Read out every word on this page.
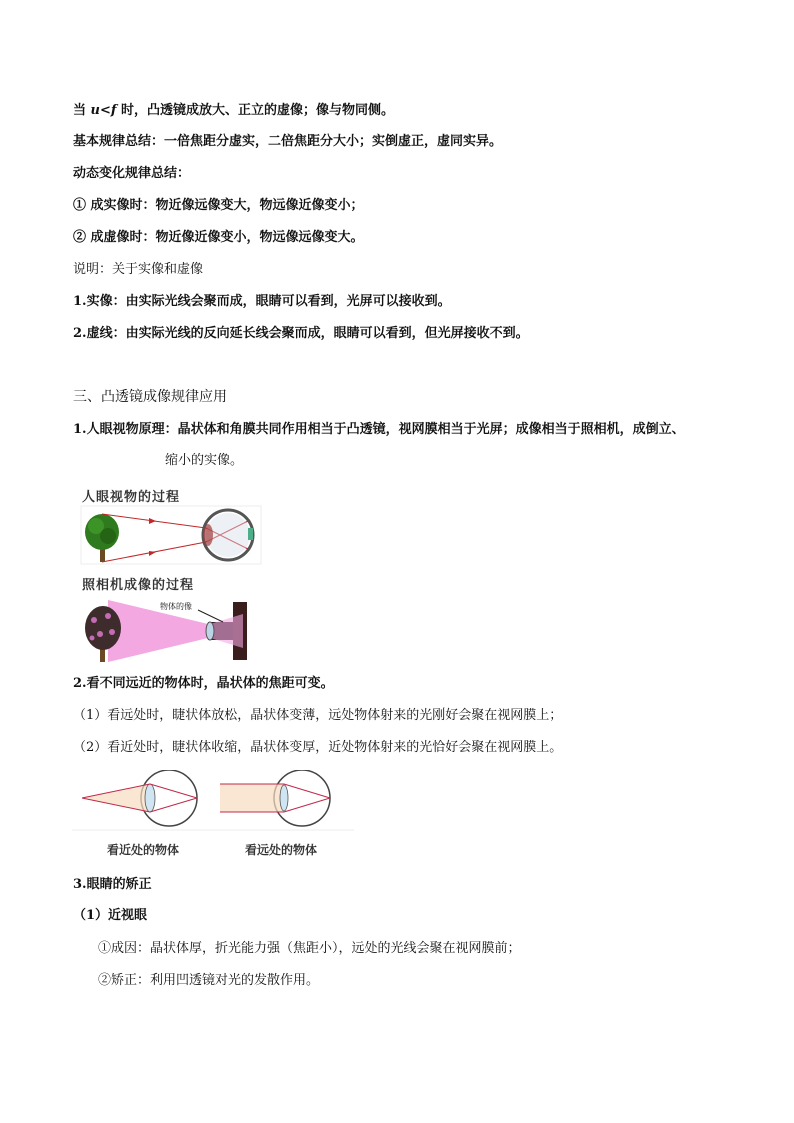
当 u<f 时，凸透镜成放大、正立的虚像；像与物同侧。
基本规律总结：一倍焦距分虚实，二倍焦距分大小；实倒虚正，虚同实异。
动态变化规律总结：
① 成实像时：物近像远像变大，物远像近像变小；
② 成虚像时：物近像近像变小，物远像远像变大。
说明：关于实像和虚像
1.实像：由实际光线会聚而成，眼睛可以看到，光屏可以接收到。
2.虚线：由实际光线的反向延长线会聚而成，眼睛可以看到，但光屏接收不到。
三、凸透镜成像规律应用
1.人眼视物原理：晶状体和角膜共同作用相当于凸透镜，视网膜相当于光屏；成像相当于照相机，成倒立、
缩小的实像。
人眼视物的过程
照相机成像的过程
物体的像
2.看不同远近的物体时，晶状体的焦距可变。
（1）看远处时，睫状体放松，晶状体变薄，远处物体射来的光刚好会聚在视网膜上；
（2）看近处时，睫状体收缩，晶状体变厚，近处物体射来的光恰好会聚在视网膜上。
看近处的物体	看远处的物体
3.眼睛的矫正
（1）近视眼
①成因：晶状体厚，折光能力强（焦距小），远处的光线会聚在视网膜前；
②矫正：利用凹透镜对光的发散作用。
